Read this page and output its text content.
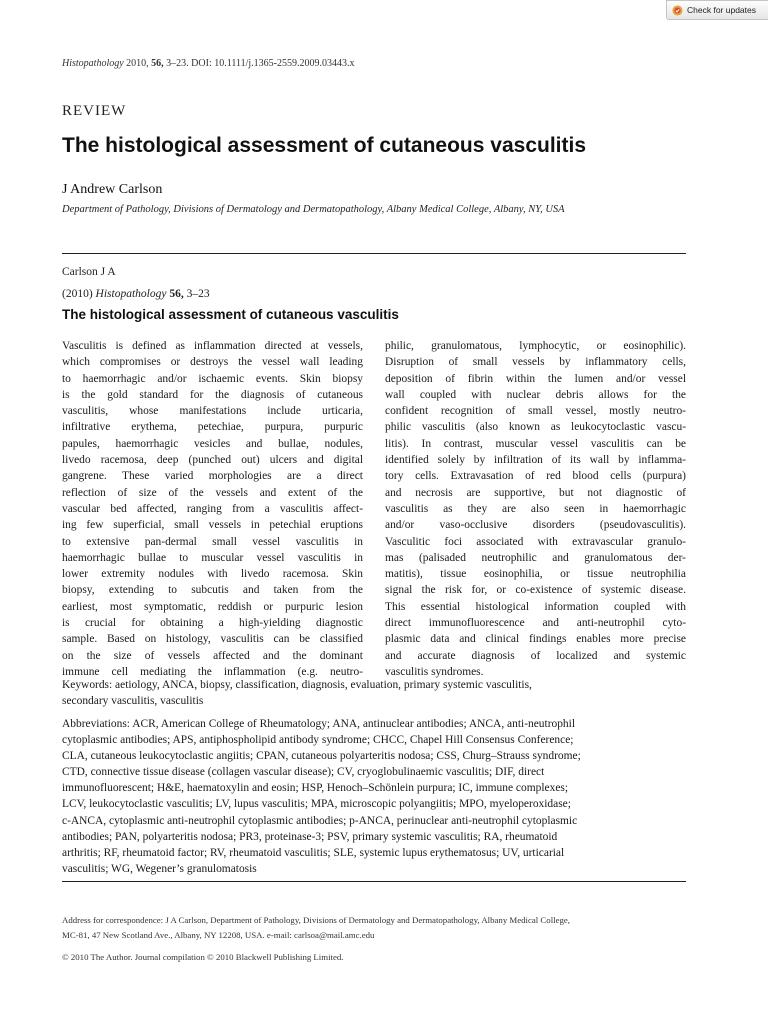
Check for updates
Histopathology 2010, 56, 3–23. DOI: 10.1111/j.1365-2559.2009.03443.x
REVIEW
The histological assessment of cutaneous vasculitis
J Andrew Carlson
Department of Pathology, Divisions of Dermatology and Dermatopathology, Albany Medical College, Albany, NY, USA
Carlson J A
(2010) Histopathology 56, 3–23
The histological assessment of cutaneous vasculitis
Vasculitis is defined as inflammation directed at vessels,
which compromises or destroys the vessel wall leading
to haemorrhagic and/or ischaemic events. Skin biopsy
is the gold standard for the diagnosis of cutaneous
vasculitis, whose manifestations include urticaria,
infiltrative erythema, petechiae, purpura, purpuric
papules, haemorrhagic vesicles and bullae, nodules,
livedo racemosa, deep (punched out) ulcers and digital
gangrene. These varied morphologies are a direct
reflection of size of the vessels and extent of the
vascular bed affected, ranging from a vasculitis affect-
ing few superficial, small vessels in petechial eruptions
to extensive pan-dermal small vessel vasculitis in
haemorrhagic bullae to muscular vessel vasculitis in
lower extremity nodules with livedo racemosa. Skin
biopsy, extending to subcutis and taken from the
earliest, most symptomatic, reddish or purpuric lesion
is crucial for obtaining a high-yielding diagnostic
sample. Based on histology, vasculitis can be classified
on the size of vessels affected and the dominant
immune cell mediating the inflammation (e.g. neutro-
philic, granulomatous, lymphocytic, or eosinophilic).
Disruption of small vessels by inflammatory cells,
deposition of fibrin within the lumen and/or vessel
wall coupled with nuclear debris allows for the
confident recognition of small vessel, mostly neutro-
philic vasculitis (also known as leukocytoclastic vascu-
litis). In contrast, muscular vessel vasculitis can be
identified solely by infiltration of its wall by inflamma-
tory cells. Extravasation of red blood cells (purpura)
and necrosis are supportive, but not diagnostic of
vasculitis as they are also seen in haemorrhagic
and/or vaso-occlusive disorders (pseudovasculitis).
Vasculitic foci associated with extravascular granulo-
mas (palisaded neutrophilic and granulomatous der-
matitis), tissue eosinophilia, or tissue neutrophilia
signal the risk for, or co-existence of systemic disease.
This essential histological information coupled with
direct immunofluorescence and anti-neutrophil cyto-
plasmic data and clinical findings enables more precise
and accurate diagnosis of localized and systemic
vasculitis syndromes.
Keywords: aetiology, ANCA, biopsy, classification, diagnosis, evaluation, primary systemic vasculitis,
secondary vasculitis, vasculitis
Abbreviations: ACR, American College of Rheumatology; ANA, antinuclear antibodies; ANCA, anti-neutrophil
cytoplasmic antibodies; APS, antiphospholipid antibody syndrome; CHCC, Chapel Hill Consensus Conference;
CLA, cutaneous leukocytoclastic angiitis; CPAN, cutaneous polyarteritis nodosa; CSS, Churg–Strauss syndrome;
CTD, connective tissue disease (collagen vascular disease); CV, cryoglobulinaemic vasculitis; DIF, direct
immunofluorescent; H&E, haematoxylin and eosin; HSP, Henoch–Schönlein purpura; IC, immune complexes;
LCV, leukocytoclastic vasculitis; LV, lupus vasculitis; MPA, microscopic polyangiitis; MPO, myeloperoxidase;
c-ANCA, cytoplasmic anti-neutrophil cytoplasmic antibodies; p-ANCA, perinuclear anti-neutrophil cytoplasmic
antibodies; PAN, polyarteritis nodosa; PR3, proteinase-3; PSV, primary systemic vasculitis; RA, rheumatoid
arthritis; RF, rheumatoid factor; RV, rheumatoid vasculitis; SLE, systemic lupus erythematosus; UV, urticarial
vasculitis; WG, Wegener’s granulomatosis
Address for correspondence: J A Carlson, Department of Pathology, Divisions of Dermatology and Dermatopathology, Albany Medical College,
MC-81, 47 New Scotland Ave., Albany, NY 12208, USA. e-mail: carlsoa@mail.amc.edu
© 2010 The Author. Journal compilation © 2010 Blackwell Publishing Limited.
